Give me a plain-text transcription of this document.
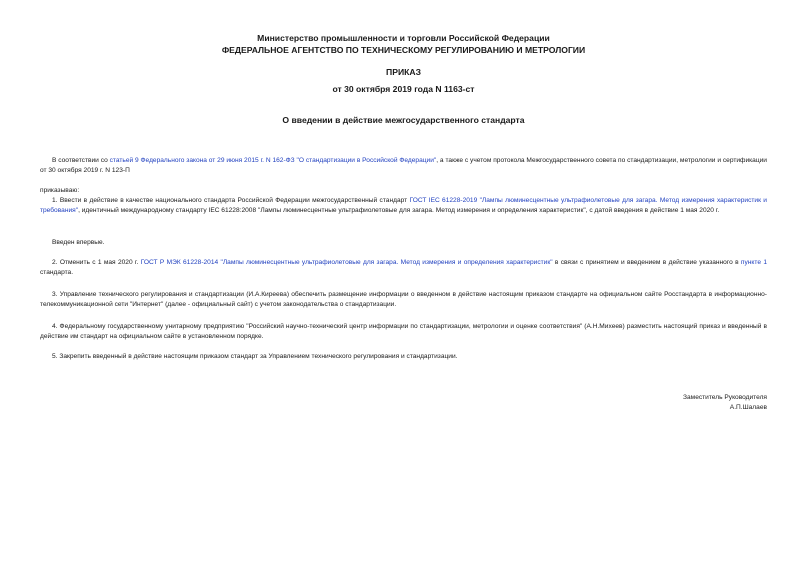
Министерство промышленности и торговли Российской Федерации
ФЕДЕРАЛЬНОЕ АГЕНТСТВО ПО ТЕХНИЧЕСКОМУ РЕГУЛИРОВАНИЮ И МЕТРОЛОГИИ
ПРИКАЗ
от 30 октября 2019 года N 1163-ст
О введении в действие межгосударственного стандарта

В соответствии со статьей 9 Федерального закона от 29 июня 2015 г. N 162-ФЗ "О стандартизации в Российской Федерации", а также с учетом протокола Межгосударственного совета по стандартизации, метрологии и сертификации от 30 октября 2019 г. N 123-П

приказываю:

1. Ввести в действие в качестве национального стандарта Российской Федерации межгосударственный стандарт ГОСТ IEC 61228-2019 "Лампы люминесцентные ультрафиолетовые для загара. Метод измерения характеристик и требования", идентичный международному стандарту IEC 61228:2008 "Лампы люминесцентные ультрафиолетовые для загара. Метод измерения и определения характеристик", с датой введения в действие 1 мая 2020 г.

Введен впервые.

2. Отменить с 1 мая 2020 г. ГОСТ Р МЭК 61228-2014 "Лампы люминесцентные ультрафиолетовые для загара. Метод измерения и определения характеристик" в связи с принятием и введением в действие указанного в пункте 1 стандарта.

3. Управление технического регулирования и стандартизации (И.А.Киреева) обеспечить размещение информации о введенном в действие настоящим приказом стандарте на официальном сайте Росстандарта в информационно-телекоммуникационной сети "Интернет" (далее - официальный сайт) с учетом законодательства о стандартизации.

4. Федеральному государственному унитарному предприятию "Российский научно-технический центр информации по стандартизации, метрологии и оценке соответствия" (А.Н.Михеев) разместить настоящий приказ и введенный в действие им стандарт на официальном сайте в установленном порядке.

5. Закрепить введенный в действие настоящим приказом стандарт за Управлением технического регулирования и стандартизации.

Заместитель Руководителя
А.П.Шалаев
